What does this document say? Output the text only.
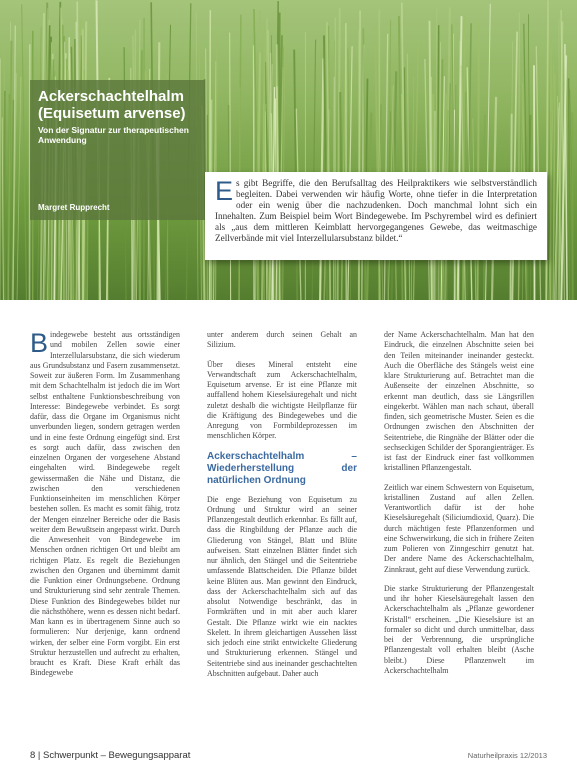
Ackerschachtelhalm (Equisetum arvense)
Von der Signatur zur therapeutischen Anwendung
Margret Rupprecht
E s gibt Begriffe, die den Berufsalltag des Heilpraktikers wie selbstverständlich begleiten. Dabei verwenden wir häufig Worte, ohne tiefer in die Interpretation oder ein wenig über die nachzudenken. Doch manchmal lohnt sich ein Innehalten. Zum Beispiel beim Wort Bindegewebe. Im Pschyrembel wird es definiert als „aus dem mittleren Keimblatt hervorgegangenes Gewebe, das weitmaschige Zellverbände mit viel Interzellularsubstanz bildet.“

Bindegewebe besteht aus ortsständigen und mobilen Zellen sowie einer Interzellularsubstanz, die sich wiederum aus Grundsubstanz und Fasern zusammensetzt. Soweit zur äußeren Form. Im Zusammenhang mit dem Schachtelhalm ist jedoch die im Wort selbst enthaltene Funktionsbeschreibung von Interesse: Bindegewebe verbindet. Es sorgt dafür, dass die Organe im Organismus nicht unverbunden liegen, sondern getragen werden und in eine feste Ordnung eingefügt sind. Erst es sorgt auch dafür, dass zwischen den einzelnen Organen der vorgesehene Abstand eingehalten wird. Bindegewebe regelt gewissermaßen die Nähe und Distanz, die zwischen den verschiedenen Funktionseinheiten im menschlichen Körper bestehen sollen. Es macht es somit fähig, trotz der Mengen einzelner Bereiche oder die Basis weiter dem Bewußtsein angepasst wirkt. Durch die Anwesenheit von Bindegewebe im Menschen ordnen richtigen Ort und bleibt am richtigen Platz. Es regelt die Beziehungen zwischen den Organen und übernimmt damit die Funktion einer Ordnungsebene. Ordnung und Strukturierung sind sehr zentrale Themen. Diese Funktion des Bindegewebes bildet nur die nächsthöhere, wenn es dessen nicht bedarf. Man kann es in übertragenem Sinne auch so formulieren: Nur derjenige, kann ordnend wirken, der selber eine Form vorgibt. Ein erst Struktur herzustellen und aufrecht zu erhalten, braucht es Kraft. Diese Kraft erhält das Bindegewebe

unter anderem durch seinen Gehalt an Silizium.

Über dieses Mineral entsteht eine Verwandtschaft zum Ackerschachtelhalm, Equisetum arvense. Er ist eine Pflanze mit auffallend hohem Kieselsäuregehalt und nicht zuletzt deshalb die wichtigste Heilpflanze für die Kräftigung des Bindegewebes und die Anregung von Formbildeprozessen im menschlichen Körper.

Ackerschachtelhalm – Wiederherstellung der natürlichen Ordnung

Die enge Beziehung von Equisetum zu Ordnung und Struktur wird an seiner Pflanzengestalt deutlich erkennbar. Es fällt auf, dass die Ringbildung der Pflanze auch die Gliederung von Stängel, Blatt und Blüte aufweisen. Statt einzelnen Blätter findet sich nur ähnlich, den Stängel und die Seitentriebe umfassende Blattscheiden. Die Pflanze bildet keine Blüten aus. Man gewinnt den Eindruck, dass der Ackerschachtelhalm sich auf das absolut Notwendige beschränkt, das in Formkräften und in mit aber auch klarer Gestalt. Die Pflanze wirkt wie ein nacktes Skelett. In ihrem gleichartigen Aussehen lässt sich jedoch eine strikt entwickelte Gliederung und Strukturierung erkennen. Stängel und Seitentriebe sind aus ineinander geschachtelten Abschnitten aufgebaut. Daher auch

der Name Ackerschachtelhalm. Man hat den Eindruck, die einzelnen Abschnitte seien bei den Teilen miteinander ineinander gesteckt. Auch die Oberfläche des Stängels weist eine klare Strukturierung auf. Betrachtet man die Außenseite der einzelnen Abschnitte, so erkennt man deutlich, dass sie Längsrillen eingekerbt. Wählen man nach schaut, überall finden, sich geometrische Muster. Seien es die Ordnungen zwischen den Abschnitten der Seitentriebe, die Ringnähe der Blätter oder die sechseckigen Schilder der Sporangienträger. Es ist fast der Eindruck einer fast vollkommen kristallinen Pflanzengestalt.

Zeitlich war einem Schwestern von Equisetum, kristallinen Zustand auf allen Zellen. Verantwortlich dafür ist der hohe Kieselsäuregehalt (Siliciumdioxid, Quarz). Die durch mächtigen feste Pflanzenformen und eine Schwerwirkung, die sich in frühere Zeiten zum Polieren von Zinngeschirr genutzt hat. Der andere Name des Ackerschachtelhalm, Zinnkraut, geht auf diese Verwendung zurück.

Die starke Strukturierung der Pflanzengestalt und ihr hoher Kieselsäuregehalt lassen den Ackerschachtelhalm als „Pflanze gewordener Kristall“ erscheinen. „Die Kieselsäure ist an formaler so dicht und durch unmittelbar, dass bei der Verbrennung, die ursprüngliche Pflanzengestalt voll erhalten bleibt (Asche bleibt.) Diese Pflanzenwelt im Ackerschachtelhalm

8 | Schwerpunkt – Bewegungsapparat	Naturheilpraxis 12/2013
